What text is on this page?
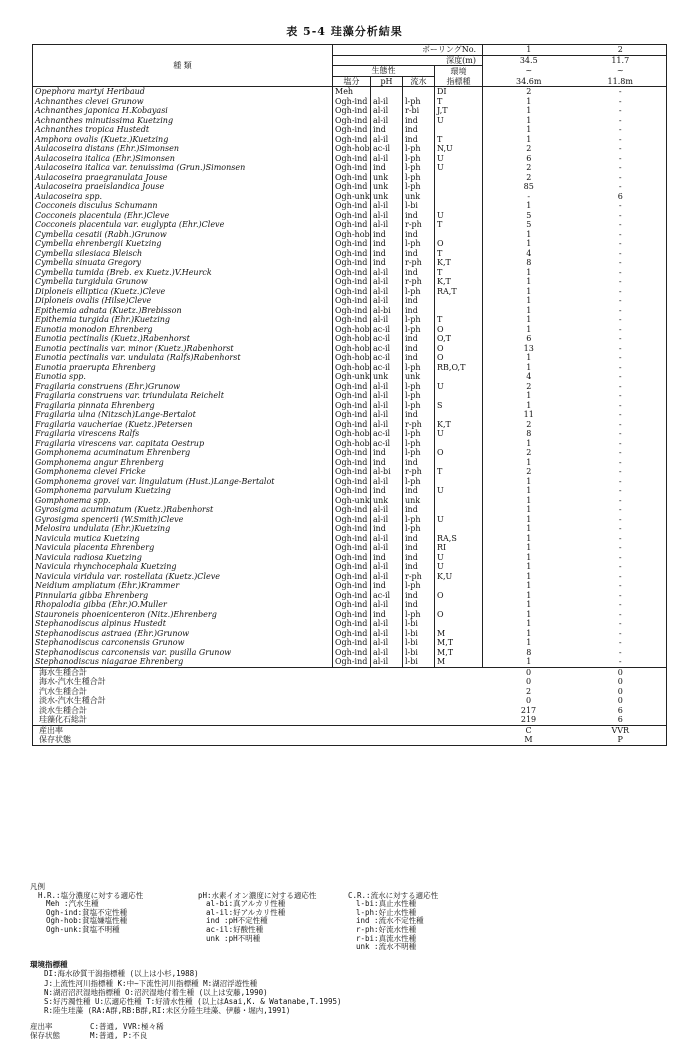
表 5-4 珪藻分析結果
種 類	ボーリングNo.				1	2
	深度(m)				34.5	11.7
	生態性			環境	~	~
	塩分	pH	流水	指標種	34.6m	11.8m
Opephora martyi Heribaud	Meh			DI	2	-
Achnanthes clevei Grunow	Ogh-ind	al-il	l-ph	T	1	-
Achnanthes japonica H.Kobayasi	Ogh-ind	al-il	r-bi	J,T	1	-
Achnanthes minutissima Kuetzing	Ogh-ind	al-il	ind	U	1	-
Achnanthes tropica Hustedt	Ogh-ind	ind	ind		1	-
Amphora ovalis (Kuetz.)Kuetzing	Ogh-ind	al-il	ind	T	1	-
Aulacoseira distans (Ehr.)Simonsen	Ogh-hob	ac-il	l-ph	N,U	2	-
Aulacoseira italica (Ehr.)Simonsen	Ogh-ind	al-il	l-ph	U	6	-
Aulacoseira italica var. tenuissima (Grun.)Simonsen	Ogh-ind	ind	l-ph	U	2	-
Aulacoseira praegranulata Jouse	Ogh-ind	unk	l-ph		2	-
Aulacoseira praeislandica Jouse	Ogh-ind	unk	l-ph		85	-
Aulacoseira spp.	Ogh-unk	unk	unk		-	6
Cocconeis disculus Schumann	Ogh-ind	al-il	l-bi		1	-
Cocconeis placentula (Ehr.)Cleve	Ogh-ind	al-il	ind	U	5	-
Cocconeis placentula var. euglypta (Ehr.)Cleve	Ogh-ind	al-il	r-ph	T	5	-
Cymbella cesatii (Rabh.)Grunow	Ogh-hob	ind	ind		1	-
Cymbella ehrenbergii Kuetzing	Ogh-ind	ind	l-ph	O	1	-
Cymbella silesiaca Bleisch	Ogh-ind	ind	ind	T	4	-
Cymbella sinuata Gregory	Ogh-ind	ind	r-ph	K,T	8	-
Cymbella tumida (Breb. ex Kuetz.)V.Heurck	Ogh-ind	al-il	ind	T	1	-
Cymbella turgidula Grunow	Ogh-ind	al-il	r-ph	K,T	1	-
Diploneis elliptica (Kuetz.)Cleve	Ogh-ind	al-il	l-ph	RA,T	1	-
Diploneis ovalis (Hilse)Cleve	Ogh-ind	al-il	ind		1	-
Epithemia adnata (Kuetz.)Brebisson	Ogh-ind	al-bi	ind		1	-
Epithemia turgida (Ehr.)Kuetzing	Ogh-ind	al-il	l-ph	T	1	-
Eunotia monodon Ehrenberg	Ogh-hob	ac-il	l-ph	O	1	-
Eunotia pectinalis (Kuetz.)Rabenhorst	Ogh-hob	ac-il	ind	O,T	6	-
Eunotia pectinalis var. minor (Kuetz.)Rabenhorst	Ogh-hob	ac-il	ind	O	13	-
Eunotia pectinalis var. undulata (Ralfs)Rabenhorst	Ogh-hob	ac-il	ind	O	1	-
Eunotia praerupta Ehrenberg	Ogh-hob	ac-il	l-ph	RB,O,T	1	-
Eunotia spp.	Ogh-unk	unk	unk		4	-
Fragilaria construens (Ehr.)Grunow	Ogh-ind	al-il	l-ph	U	2	-
Fragilaria construens var. triundulata Reichelt	Ogh-ind	al-il	l-ph		1	-
Fragilaria pinnata Ehrenberg	Ogh-ind	al-il	l-ph	S	1	-
Fragilaria ulna (Nitzsch)Lange-Bertalot	Ogh-ind	al-il	ind		11	-
Fragilaria vaucheriae (Kuetz.)Petersen	Ogh-ind	al-il	r-ph	K,T	2	-
Fragilaria virescens Ralfs	Ogh-hob	ac-il	l-ph	U	8	-
Fragilaria virescens var. capitata Oestrup	Ogh-hob	ac-il	l-ph		1	-
Gomphonema acuminatum Ehrenberg	Ogh-ind	ind	l-ph	O	2	-
Gomphonema angur Ehrenberg	Ogh-ind	ind	ind		1	-
Gomphonema clevei Fricke	Ogh-ind	al-bi	r-ph	T	2	-
Gomphonema grovei var. lingulatum (Hust.)Lange-Bertalot	Ogh-ind	al-il	l-ph		1	-
Gomphonema parvulum Kuetzing	Ogh-ind	ind	ind	U	1	-
Gomphonema spp.	Ogh-unk	unk	unk		1	-
Gyrosigma acuminatum (Kuetz.)Rabenhorst	Ogh-ind	al-il	ind		1	-
Gyrosigma spencerii (W.Smith)Cleve	Ogh-ind	al-il	l-ph	U	1	-
Melosira undulata (Ehr.)Kuetzing	Ogh-ind	ind	l-ph		1	-
Navicula mutica Kuetzing	Ogh-ind	al-il	ind	RA,S	1	-
Navicula placenta Ehrenberg	Ogh-ind	al-il	ind	RI	1	-
Navicula radiosa Kuetzing	Ogh-ind	ind	ind	U	1	-
Navicula rhynchocephala Kuetzing	Ogh-ind	al-il	ind	U	1	-
Navicula viridula var. rostellata (Kuetz.)Cleve	Ogh-ind	al-il	r-ph	K,U	1	-
Neidium ampliatum (Ehr.)Krammer	Ogh-ind	ind	l-ph		1	-
Pinnularia gibba Ehrenberg	Ogh-ind	ac-il	ind	O	1	-
Rhopalodia gibba (Ehr.)O.Muller	Ogh-ind	al-il	ind		1	-
Stauroneis phoenicenteron (Nitz.)Ehrenberg	Ogh-ind	ind	l-ph	O	1	-
Stephanodiscus alpinus Hustedt	Ogh-ind	al-il	l-bi		1	-
Stephanodiscus astraea (Ehr.)Grunow	Ogh-ind	al-il	l-bi	M	1	-
Stephanodiscus carconensis Grunow	Ogh-ind	al-il	l-bi	M,T	1	-
Stephanodiscus carconensis var. pusilla Grunow	Ogh-ind	al-il	l-bi	M,T	8	-
Stephanodiscus niagarae Ehrenberg	Ogh-ind	al-il	l-bi	M	1	-
海水生種合計					0	0
海水-汽水生種合計					0	0
汽水生種合計					2	0
淡水-汽水生種合計					0	0
淡水生種合計					217	6
珪藻化石総計					219	6
産出率					C	VVR
保存状態					M	P
凡例
H.R.:塩分濃度に対する適応性
Meh :汽水生種
Ogh-ind:貧塩不定性種
Ogh-hob:貧塩嫌塩性種
Ogh-unk:貧塩不明種
pH:水素イオン濃度に対する適応性
al-bi:真アルカリ性種
al-il:好アルカリ性種
ind :pH不定性種
ac-il:好酸性種
unk :pH不明種
C.R.:流水に対する適応性
l-bi:真止水性種
l-ph:好止水性種
ind :流水不定性種
r-ph:好流水性種
r-bi:真流水性種
unk :流水不明種
環境指標種
DI:海水砂質干潟指標種 (以上は小杉,1988)
J:上流性河川指標種 K:中~下流性河川指標種 M:湖沼浮遊性種
N:湖沼沼沢湿地指標種 O:沼沢湿地付着生種 (以上は安藤,1990)
S:好汚濁性種 U:広適応性種 T:好清水性種 (以上はAsai,K. & Watanabe,T.1995)
R:陸生珪藻 (RA:A群,RB:B群,RI:未区分陸生珪藻、伊藤・堀内,1991)
産出率	C:普通, VVR:極々稀
保存状態	M:普通, P:不良
